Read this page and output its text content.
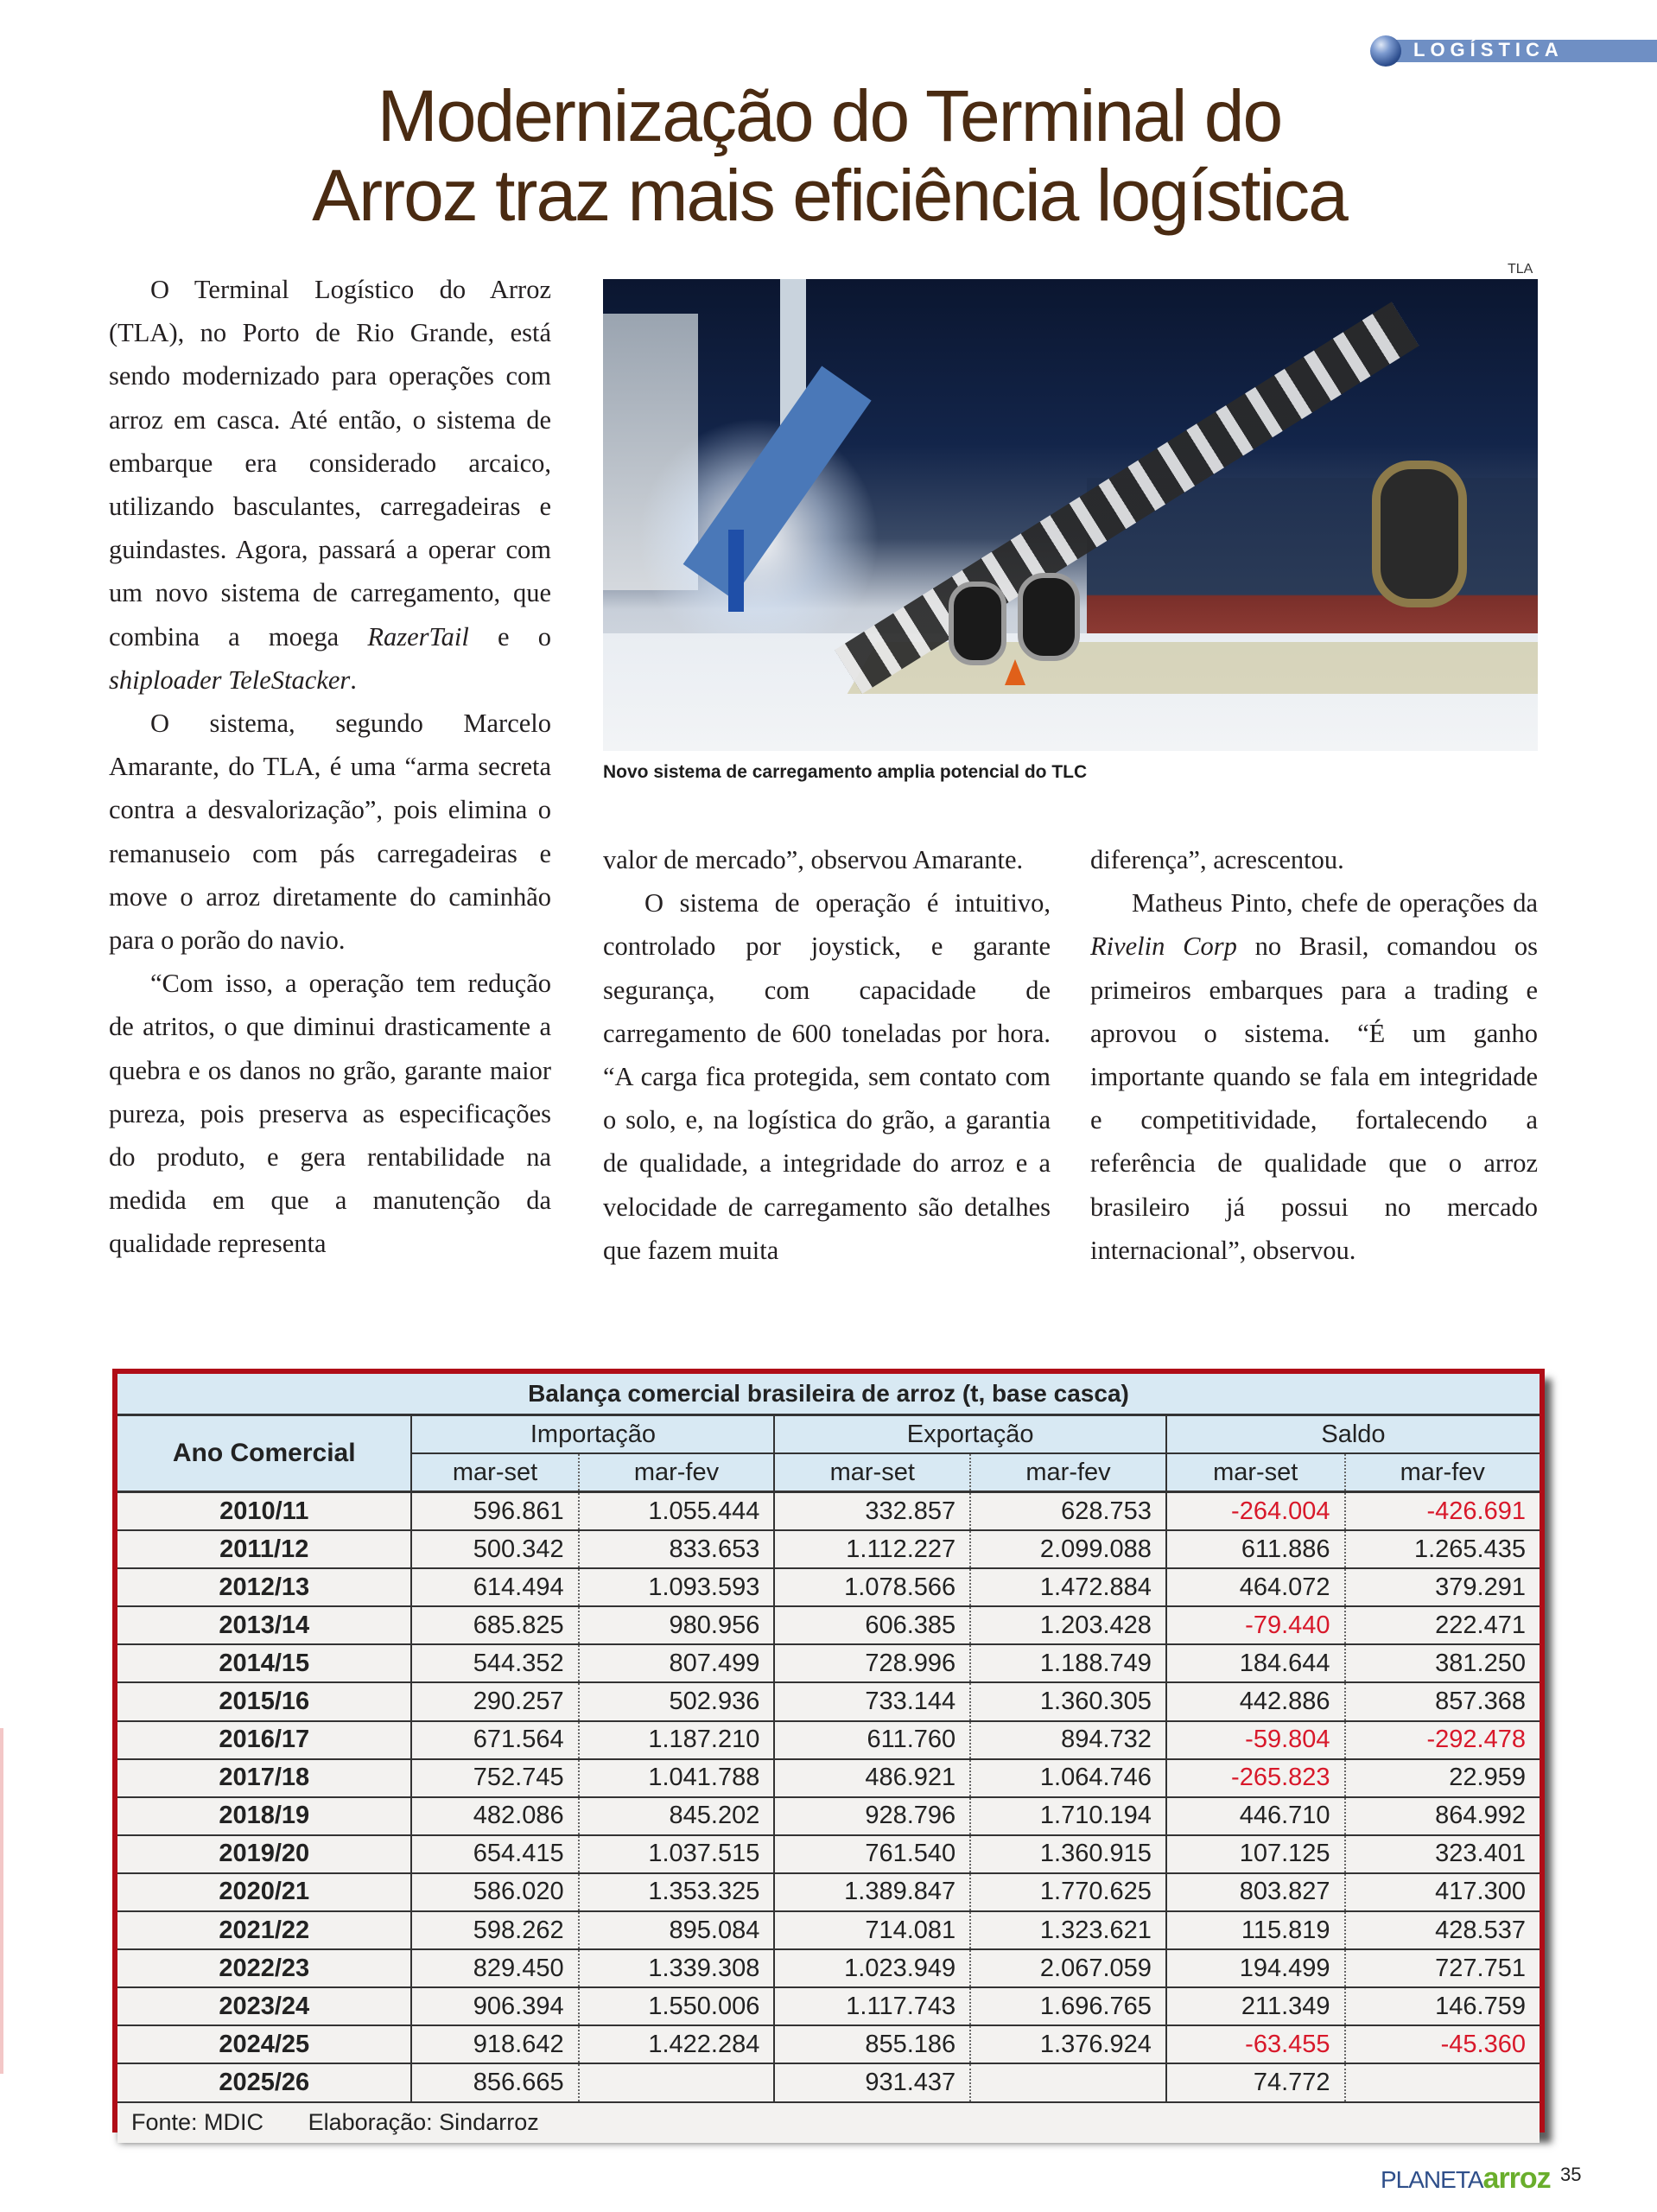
LOGÍSTICA
Modernização do Terminal do
Arroz traz mais eficiência logística
TLA
Novo sistema de carregamento amplia potencial do TLC

O Terminal Logístico do Arroz (TLA), no Porto de Rio Grande, está sendo modernizado para operações com arroz em casca. Até então, o sistema de embarque era considerado arcaico, utilizando basculantes, carregadeiras e guindastes. Agora, passará a operar com um novo sistema de carregamento, que combina a moega RazerTail e o shiploader TeleStacker.

O sistema, segundo Marcelo Amarante, do TLA, é uma “arma secreta contra a desvalorização”, pois elimina o remanuseio com pás carregadeiras e move o arroz diretamente do caminhão para o porão do navio.

“Com isso, a operação tem redução de atritos, o que diminui drasticamente a quebra e os danos no grão, garante maior pureza, pois preserva as especificações do produto, e gera rentabilidade na medida em que a manutenção da qualidade representa

valor de mercado”, observou Amarante.

O sistema de operação é intuitivo, controlado por joystick, e garante segurança, com capacidade de carregamento de 600 toneladas por hora. “A carga fica protegida, sem contato com o solo, e, na logística do grão, a garantia de qualidade, a integridade do arroz e a velocidade de carregamento são detalhes que fazem muita

diferença”, acrescentou.

Matheus Pinto, chefe de operações da Rivelin Corp no Brasil, comandou os primeiros embarques para a trading e aprovou o sistema. “É um ganho importante quando se fala em integridade e competitividade, fortalecendo a referência de qualidade que o arroz brasileiro já possui no mercado internacional”, observou.

Balança comercial brasileira de arroz (t, base casca)						
Ano Comercial	Importação		Exportação		Saldo	
	mar-set	mar-fev	mar-set	mar-fev	mar-set	mar-fev
2010/11	596.861	1.055.444	332.857	628.753	-264.004	-426.691
2011/12	500.342	833.653	1.112.227	2.099.088	611.886	1.265.435
2012/13	614.494	1.093.593	1.078.566	1.472.884	464.072	379.291
2013/14	685.825	980.956	606.385	1.203.428	-79.440	222.471
2014/15	544.352	807.499	728.996	1.188.749	184.644	381.250
2015/16	290.257	502.936	733.144	1.360.305	442.886	857.368
2016/17	671.564	1.187.210	611.760	894.732	-59.804	-292.478
2017/18	752.745	1.041.788	486.921	1.064.746	-265.823	22.959
2018/19	482.086	845.202	928.796	1.710.194	446.710	864.992
2019/20	654.415	1.037.515	761.540	1.360.915	107.125	323.401
2020/21	586.020	1.353.325	1.389.847	1.770.625	803.827	417.300
2021/22	598.262	895.084	714.081	1.323.621	115.819	428.537
2022/23	829.450	1.339.308	1.023.949	2.067.059	194.499	727.751
2023/24	906.394	1.550.006	1.117.743	1.696.765	211.349	146.759
2024/25	918.642	1.422.284	855.186	1.376.924	-63.455	-45.360
2025/26	856.665		931.437		74.772	
Fonte: MDIC Elaboração: Sindarroz						
PLANETAarroz 35
